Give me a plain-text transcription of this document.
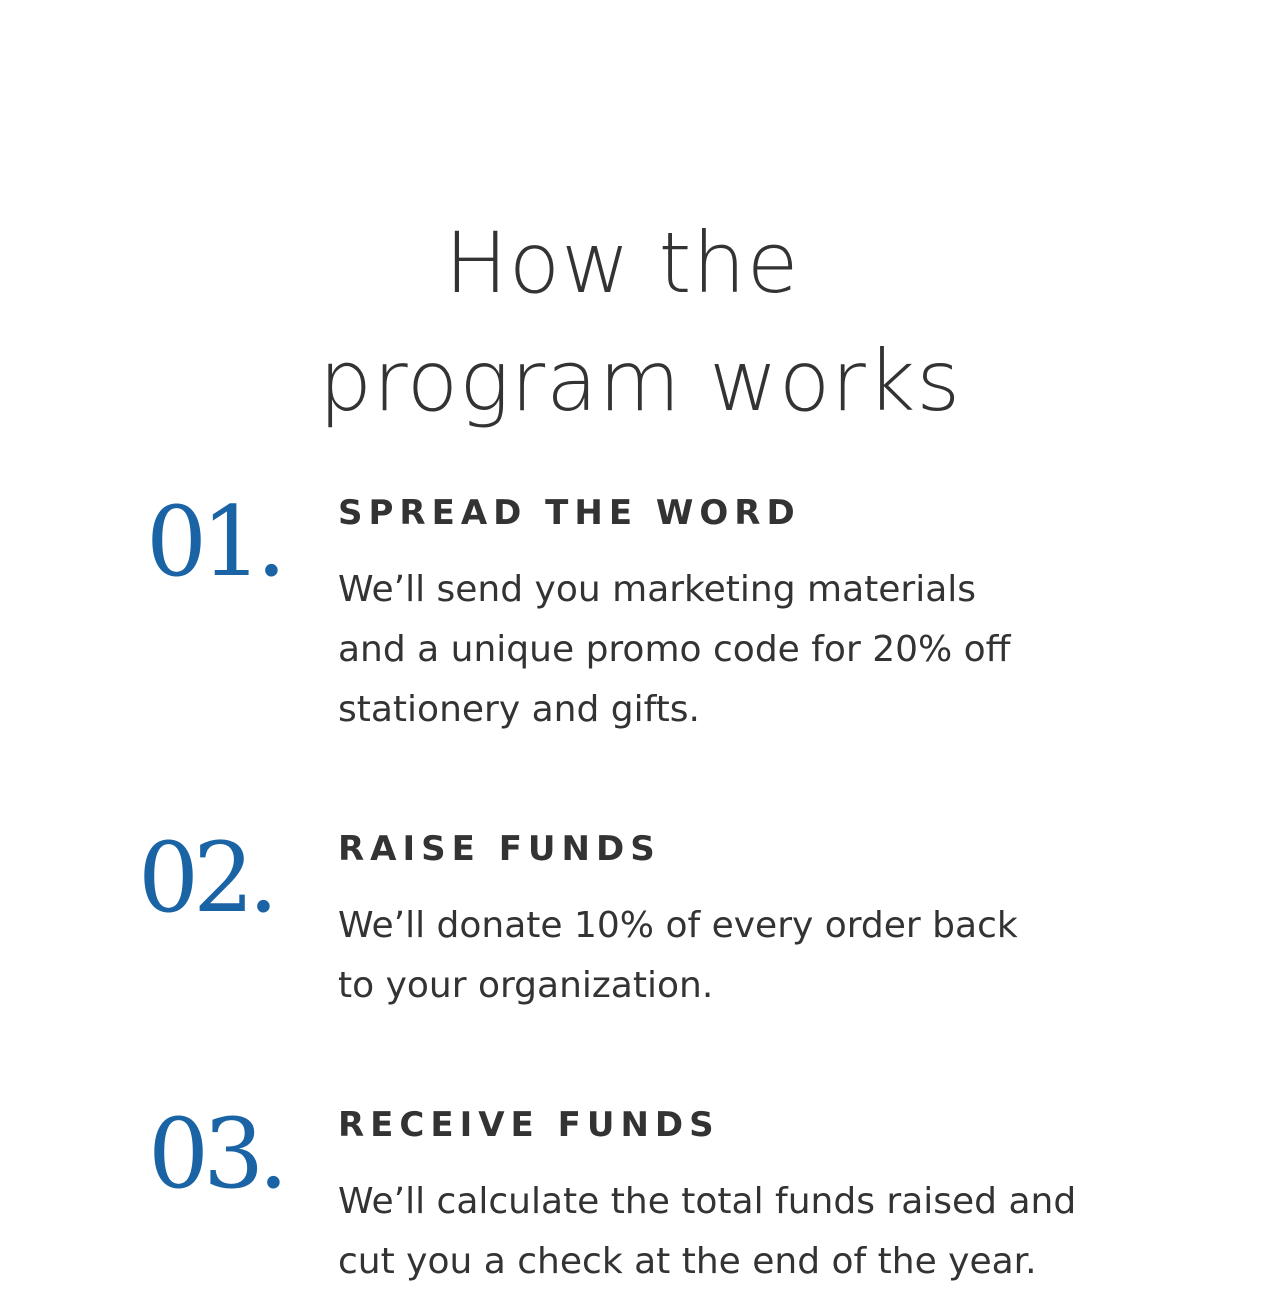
How the
program works
01. SPREAD THE WORD

We’ll send you marketing materials
and a unique promo code for 20% off
stationery and gifts.

02. RAISE FUNDS

We’ll donate 10% of every order back
to your organization.

03. RECEIVE FUNDS

We’ll calculate the total funds raised and
cut you a check at the end of the year.
